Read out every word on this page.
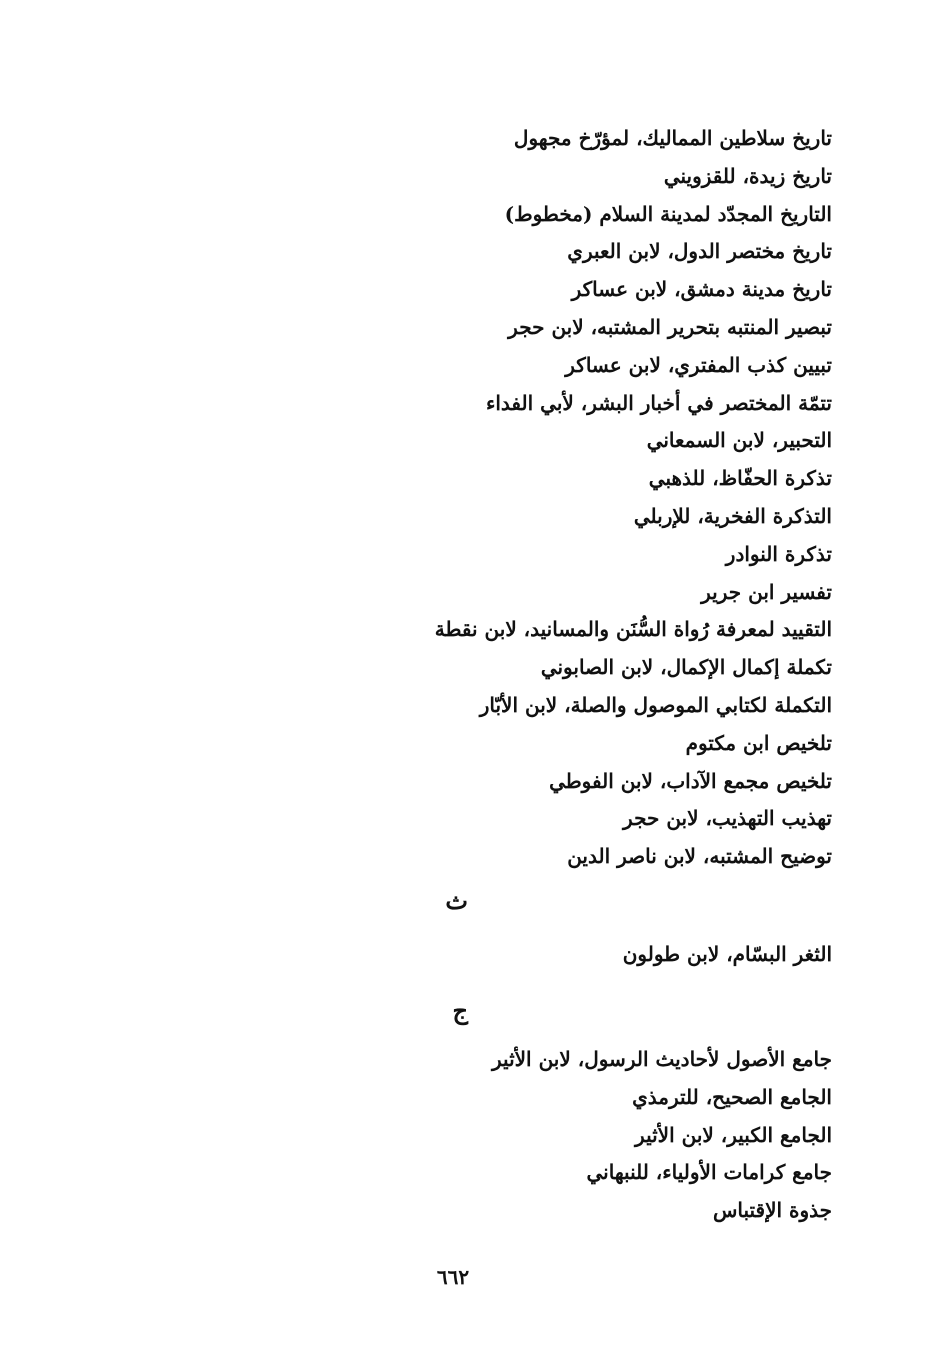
تاريخ سلاطين المماليك، لمؤرّخ مجهول
تاريخ زيدة، للقزويني
التاريخ المجدّد لمدينة السلام (مخطوط)
تاريخ مختصر الدول، لابن العبري
تاريخ مدينة دمشق، لابن عساكر
تبصير المنتبه بتحرير المشتبه، لابن حجر
تبيين كذب المفتري، لابن عساكر
تتمّة المختصر في أخبار البشر، لأبي الفداء
التحبير، لابن السمعاني
تذكرة الحفّاظ، للذهبي
التذكرة الفخرية، للإربلي
تذكرة النوادر
تفسير ابن جرير
التقييد لمعرفة رُواة السُّنَن والمسانيد، لابن نقطة
تكملة إكمال الإكمال، لابن الصابوني
التكملة لكتابي الموصول والصلة، لابن الأبّار
تلخيص ابن مكتوم
تلخيص مجمع الآداب، لابن الفوطي
تهذيب التهذيب، لابن حجر
توضيح المشتبه، لابن ناصر الدين
ث
الثغر البسّام، لابن طولون
ج
جامع الأصول لأحاديث الرسول، لابن الأثير
الجامع الصحيح، للترمذي
الجامع الكبير، لابن الأثير
جامع كرامات الأولياء، للنبهاني
جذوة الإقتباس
٦٦٢
